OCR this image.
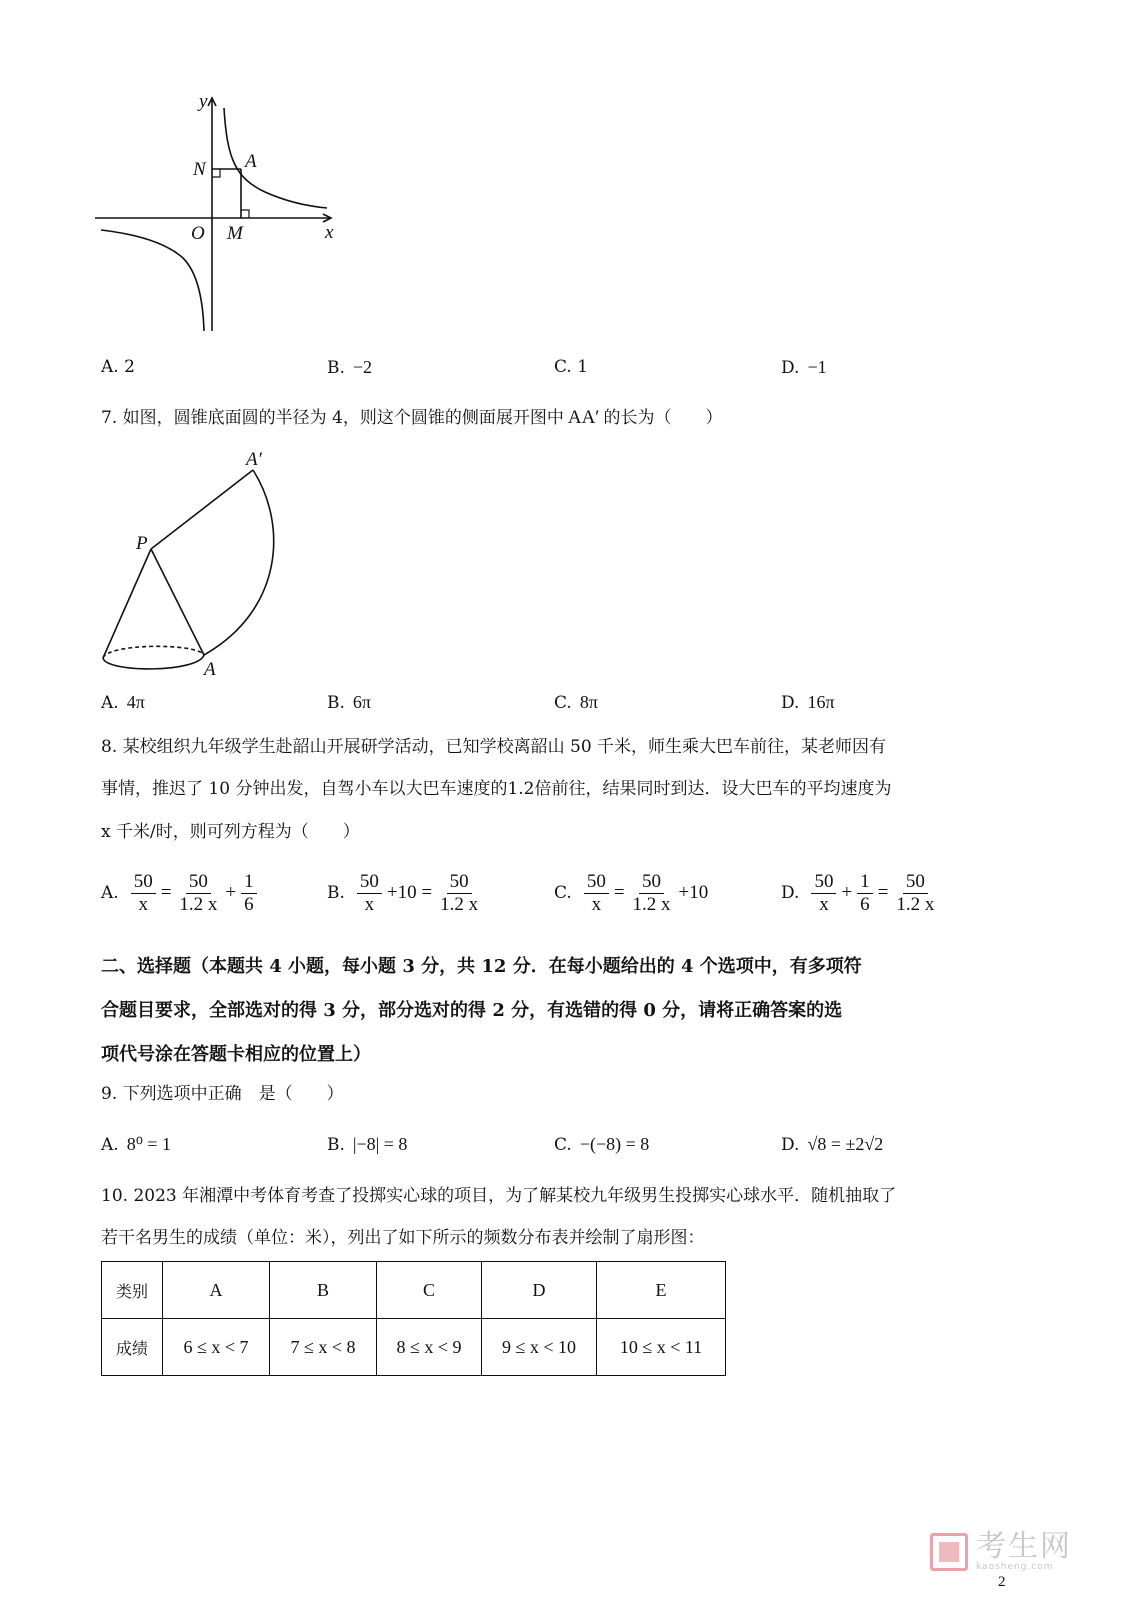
y
x
N A
O M
A. 2	B. −2	C. 1	D. −1
7. 如图，圆锥底面圆的半径为 4，则这个圆锥的侧面展开图中 AA′ 的长为（　　）
A′
P
A
A. 4π	B. 6π	C. 8π	D. 16π
8. 某校组织九年级学生赴韶山开展研学活动，已知学校离韶山 50 千米，师生乘大巴车前往，某老师因有
事情，推迟了 10 分钟出发，自驾小车以大巴车速度的1.2倍前往，结果同时到达．设大巴车的平均速度为
x 千米/时，则可列方程为（　　）
A. $\frac{50}{x} = \frac{50}{1.2 x} + \frac{1}{6}$	B. $\frac{50}{x} +10 = \frac{50}{1.2 x}$	C. $\frac{50}{x} = \frac{50}{1.2 x} +10$	D. $\frac{50}{x} + \frac{1}{6} = \frac{50}{1.2 x}$
二、选择题（本题共 4 小题，每小题 3 分，共 12 分．在每小题给出的 4 个选项中，有多项符
合题目要求，全部选对的得 3 分，部分选对的得 2 分，有选错的得 0 分，请将正确答案的选
项代号涂在答题卡相应的位置上）
9. 下列选项中正确　是（　　）
A. 8⁰ = 1	B. |−8| = 8	C. −(−8) = 8	D. √8 = ±2√2
10. 2023 年湘潭中考体育考查了投掷实心球的项目，为了解某校九年级男生投掷实心球水平．随机抽取了
若干名男生的成绩（单位：米），列出了如下所示的频数分布表并绘制了扇形图：
类别	A	B	C	D	E
成绩	6 ≤ x < 7	7 ≤ x < 8	8 ≤ x < 9	9 ≤ x < 10	10 ≤ x < 11
考生网
kaosheng.com
2
